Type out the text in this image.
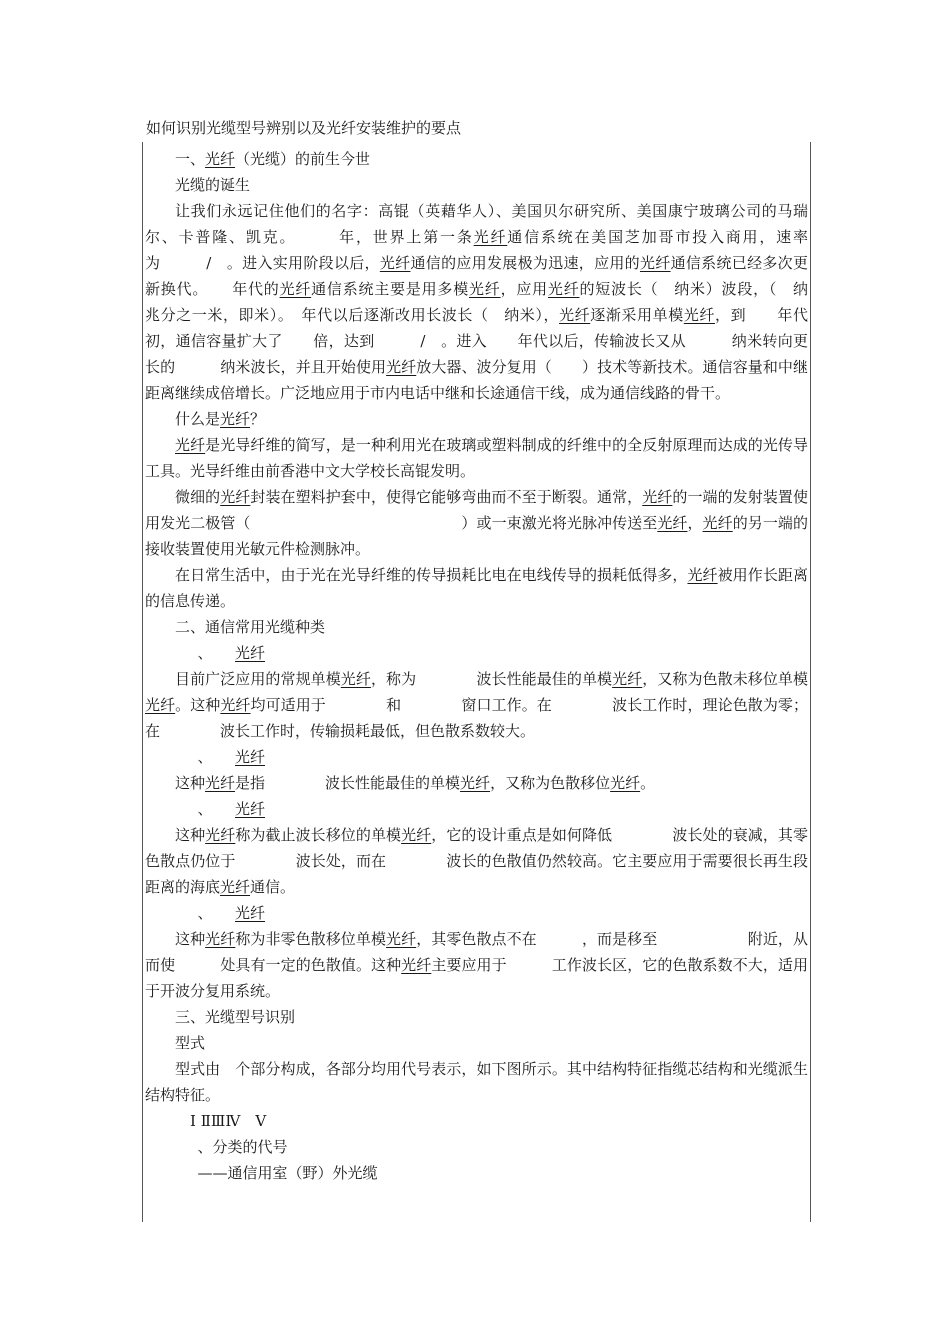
如何识别光缆型号辨别以及光纤安装维护的要点

一、光纤（光缆）的前生今世

光缆的诞生

让我们永远记住他们的名字：高锟（英藉华人）、美国贝尔研究所、美国康宁玻璃公司的马瑞尔、卡普隆、凯克。　　　年，世界上第一条光纤通信系统在美国芝加哥市投入商用，速率为　　　/　。进入实用阶段以后，光纤通信的应用发展极为迅速，应用的光纤通信系统已经多次更新换代。　　年代的光纤通信系统主要是用多模光纤，应用光纤的短波长（　纳米）波段，（　纳　　兆分之一米，即米）。　年代以后逐渐改用长波长（　纳米），光纤逐渐采用单模光纤，到　　年代初，通信容量扩大了　　倍，达到　　　/　。进入　　年代以后，传输波长又从　　　纳米转向更长的　　　纳米波长，并且开始使用光纤放大器、波分复用（　　）技术等新技术。通信容量和中继距离继续成倍增长。广泛地应用于市内电话中继和长途通信干线，成为通信线路的骨干。

什么是光纤？

光纤是光导纤维的简写，是一种利用光在玻璃或塑料制成的纤维中的全反射原理而达成的光传导工具。光导纤维由前香港中文大学校长高锟发明。

微细的光纤封装在塑料护套中，使得它能够弯曲而不至于断裂。通常，光纤的一端的发射装置使用发光二极管（　　　　　　　　　　　　　　）或一束激光将光脉冲传送至光纤，光纤的另一端的接收装置使用光敏元件检测脉冲。

在日常生活中，由于光在光导纤维的传导损耗比电在电线传导的损耗低得多，光纤被用作长距离的信息传递。

二、通信常用光缆种类

、　　光纤

目前广泛应用的常规单模光纤，称为　　　　波长性能最佳的单模光纤，又称为色散未移位单模光纤。这种光纤均可适用于　　　　和　　　　窗口工作。在　　　　波长工作时，理论色散为零；在　　　　波长工作时，传输损耗最低，但色散系数较大。

、　　光纤

这种光纤是指　　　　波长性能最佳的单模光纤，又称为色散移位光纤。

、　　光纤

这种光纤称为截止波长移位的单模光纤，它的设计重点是如何降低　　　　波长处的衰减，其零色散点仍位于　　　　波长处，而在　　　　波长的色散值仍然较高。它主要应用于需要很长再生段距离的海底光纤通信。

、　　光纤

这种光纤称为非零色散移位单模光纤，其零色散点不在　　　，而是移至　　　　　　附近，从而使　　　处具有一定的色散值。这种光纤主要应用于　　　工作波长区，它的色散系数不大，适用于开波分复用系统。

三、光缆型号识别

型式

型式由　个部分构成，各部分均用代号表示，如下图所示。其中结构特征指缆芯结构和光缆派生结构特征。

Ⅰ ⅡⅢⅣ　Ⅴ

、分类的代号

——通信用室（野）外光缆
